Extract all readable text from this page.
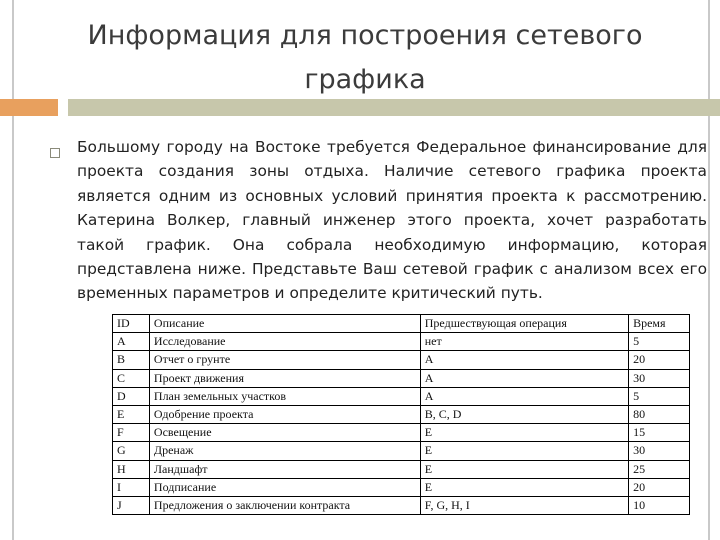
Информация для построения сетевого
графика

Большому городу на Востоке требуется Федеральное финансирование для проекта создания зоны отдыха. Наличие сетевого графика проекта является одним из основных условий принятия проекта к рассмотрению. Катерина Волкер, главный инженер этого проекта, хочет разработать такой график. Она собрала необходимую информацию, которая представлена ниже. Представьте Ваш сетевой график с анализом всех его временных параметров и определите критический путь.

ID	Описание	Предшествующая операция	Время
A	Исследование	нет	5
B	Отчет о грунте	A	20
C	Проект движения	A	30
D	План земельных участков	A	5
E	Одобрение проекта	B, C, D	80
F	Освещение	E	15
G	Дренаж	E	30
H	Ландшафт	E	25
I	Подписание	E	20
J	Предложения о заключении контракта	F, G, H, I	10
